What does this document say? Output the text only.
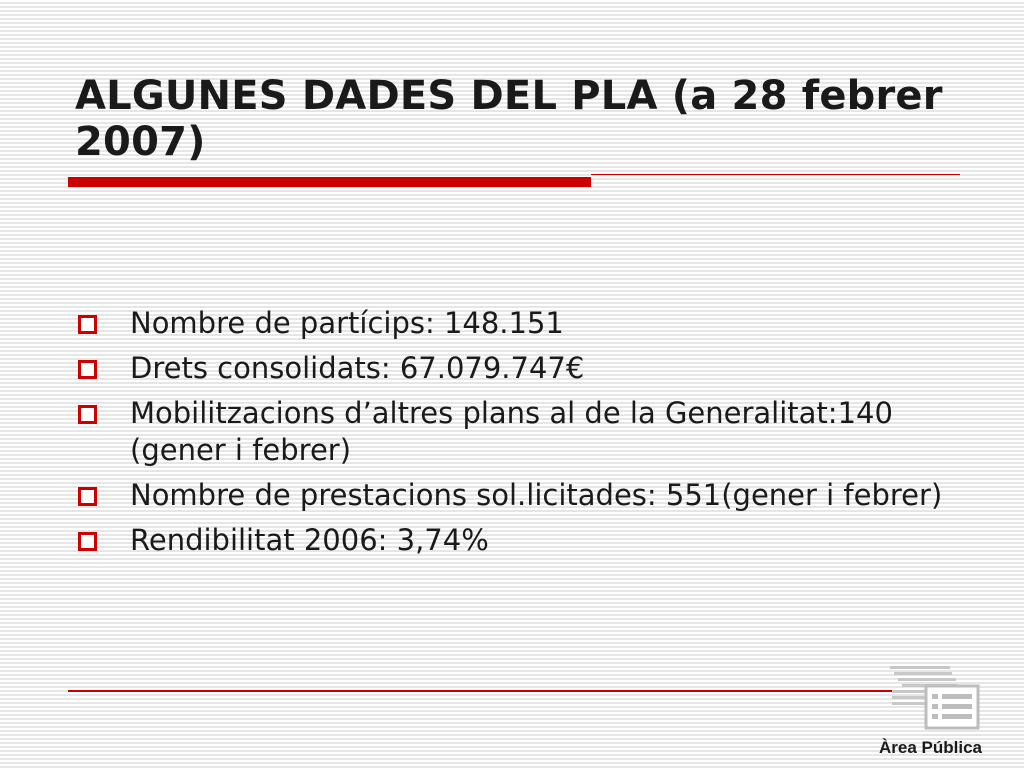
ALGUNES DADES DEL PLA (a 28 febrer 2007)
Nombre de partícips: 148.151
Drets consolidats: 67.079.747€
Mobilitzacions d’altres plans al de la Generalitat:140 (gener i febrer)
Nombre de prestacions sol.licitades: 551(gener i febrer)
Rendibilitat 2006: 3,74%
Àrea Pública
